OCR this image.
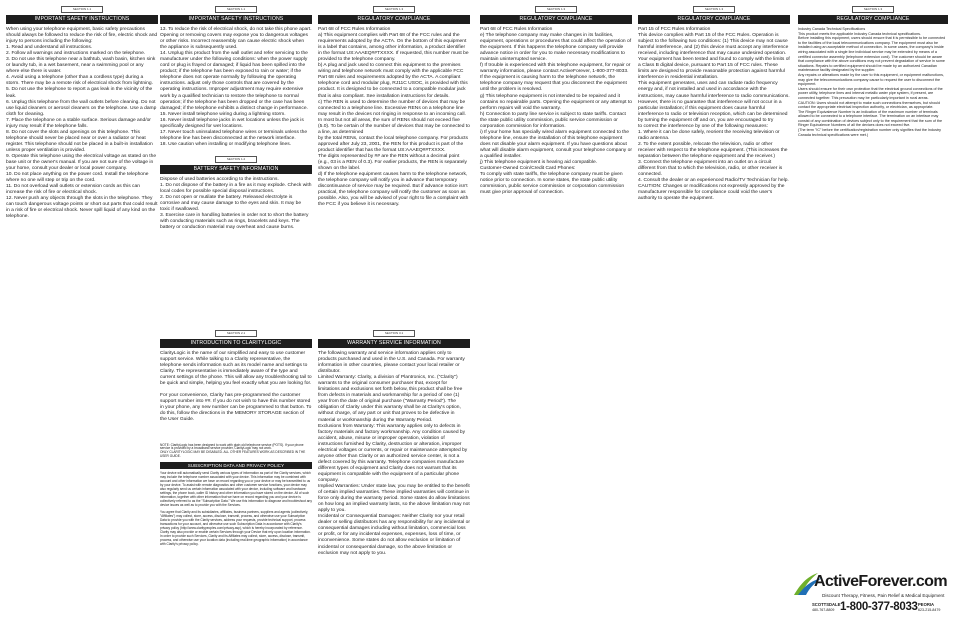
SECTION 1.1
IMPORTANT SAFETY INSTRUCTIONS

When using your telephone equipment, basic safety precautions should always be followed to reduce the risk of fire, electric shock and injury to persons including the following:

1. Read and understand all instructions.

2. Follow all warnings and instructions marked on the telephone.

3. Do not use this telephone near a bathtub, wash basin, kitchen sink or laundry tub, in a wet basement, near a swimming pool or any where else there is water.

4. Avoid using a telephone (other than a cordless type) during a storm. There may be a remote risk of electrical shock from lightning.

5. Do not use the telephone to report a gas leak in the vicinity of the leak.

6. Unplug this telephone from the wall outlets before cleaning. Do not use liquid cleaners or aerosol cleaners on the telephone. Use a damp cloth for cleaning.

7. Place the telephone on a stable surface. Serious damage and/or injury may result if the telephone falls.

8. Do not cover the slots and openings on this telephone. This telephone should never be placed near or over a radiator or heat register. This telephone should not be placed in a built-in installation unless proper ventilation is provided.

9. Operate this telephone using the electrical voltage as stated on the base unit or the owner's manual. If you are not sure of the voltage in your home, consult your dealer or local power company.

10. Do not place anything on the power cord. Install the telephone where no one will step or trip on the cord.

11. Do not overload wall outlets or extension cords as this can increase the risk of fire or electrical shock.

12. Never push any objects through the slots in the telephone. They can touch dangerous voltage points or short out parts that could result in a risk of fire or electrical shock. Never spill liquid of any kind on the telephone.

SECTION 1.1
IMPORTANT SAFETY INSTRUCTIONS

13. To reduce the risk of electrical shock, do not take this phone apart. Opening or removing covers may expose you to dangerous voltages or other risks. Incorrect reassembly can cause electric shock when the appliance is subsequently used.

14. Unplug this product from the wall outlet and refer servicing to the manufacturer under the following conditions: when the power supply cord or plug is frayed or damaged; if liquid has been spilled into the product; if the telephone has been exposed to rain or water; if the telephone does not operate normally by following the operating instructions. adjust only those controls that are covered by the operating instructions. Improper adjustment may require extensive work by a qualified technician to restore the telephone to normal operation; if the telephone has been dropped or the case has been damaged; if the telephone exhibits a distinct change in performance.

15. Never install telephone wiring during a lightning storm.

16. Never install telephone jacks in wet locations unless the jack is specifically designed for wet locations.

17. Never touch uninsulated telephone wires or terminals unless the telephone line has been disconnected at the network interface.

18. Use caution when installing or modifying telephone lines.

SECTION 1.2
BATTERY SAFETY INFORMATION

Dispose of used batteries according to the instructions.

1. Do not dispose of the battery in a fire as it may explode. Check with local codes for possible special disposal instructions.

2. Do not open or mutilate the battery. Released electrolyte is corrosive and may cause damage to the eyes and skin. It may be toxic if swallowed.

3. Exercise care in handling batteries in order not to short the battery with conducting materials such as rings, bracelets and keys. The battery or conduction material may overheat and cause burns.

SECTION 1.3
REGULATORY COMPLIANCE

Part 68 of FCC Rules Information

a) This equipment complies with Part 68 of the FCC rules and the requirements adopted by the ACTA. On the bottom of this equipment is a label that contains, among other information, a product identifier in the format US:AAAEQ##TXXXX. If requested, this number must be provided to the telephone company.

b) A plug and jack used to connect this equipment to the premises wiring and telephone network must comply with the applicable FCC Part 68 rules and requirements adopted by the ACTA. A compliant telephone cord and modular plug, RJ11C USOC, is provided with this product. It is designed to be connected to a compatible modular jack that is also compliant. See installation instructions for details.

c) The REN is used to determine the number of devices that may be connected to a telephone line. Excessive RENs on a telephone line may result in the devices not ringing in response to an incoming call. In most but not all areas, the sum of RENs should not exceed five (5.0). To be certain of the number of devices that may be connected to a line, as determined

by the total RENs, contact the local telephone company. For products approved after July 23, 2001, the REN for this product is part of the product identifier that has the format US:AAAEQ##TXXXX.

The digits represented by ## are the REN without a decimal point (e.g., 03 is a REN of 0.3). For earlier products, the REN is separately shown on the label.

d) If the telephone equipment causes harm to the telephone network, the telephone company will notify you in advance that temporary discontinuance of service may be required. But if advance notice isn't practical, the telephone company will notify the customer as soon as possible. Also, you will be advised of your right to file a complaint with the FCC if you believe it is necessary.

SECTION 1.3
REGULATORY COMPLIANCE

Part 68 of FCC Rules Information

e) The telephone company may make changes in its facilities, equipment, operations or procedures that could affect the operation of the equipment. If this happens the telephone company will provide advance notice in order for you to make necessary modifications to maintain uninterrupted service.

f) If trouble is experienced with this telephone equipment, for repair or warranty information, please contact ActiveForever, 1-800-377-8033. If the equipment is causing harm to the telephone network, the telephone company may request that you disconnect the equipment until the problem is resolved.

g) This telephone equipment is not intended to be repaired and it contains no repairable parts. Opening the equipment or any attempt to perform repairs will void the warranty.

h) Connection to party line service is subject to state tariffs. Contact the state public utility commission, public service commission or corporation commission for information.

i) If your home has specially wired alarm equipment connected to the telephone line, ensure the installation of this telephone equipment does not disable your alarm equipment. If you have questions about what will disable alarm equipment, consult your telephone company or a qualified installer.

j) This telephone equipment is hearing aid compatible.

Customer-Owned Coin/Credit Card Phones:

To comply with state tariffs, the telephone company must be given notice prior to connection. In some states, the state public utility commission, public service commission or corporation commission must give prior approval of connection.

SECTION 1.3
REGULATORY COMPLIANCE

Part 15 of FCC Rules Information

This device complies with Part 15 of the FCC Rules. Operation is subject to the following two conditions: (1) This device may not cause harmful interference, and (2) this device must accept any interference received, including interference that may cause undesired operation.

Your equipment has been tested and found to comply with the limits of a Class B digital device, pursuant to Part 15 of FCC rules. These limits are designed to provide reasonable protection against harmful interference in residential installation.

This equipment generates, uses and can radiate radio frequency energy and, if not installed and used in accordance with the instructions, may cause harmful interference to radio communications. However, there is no guarantee that interference will not occur in a particular installation; if this equipment does cause harmful interference to radio or television reception, which can be determined by turning the equipment off and on, you are encouraged to try

to correct the interference by one of the following measures:

1. Where it can be done safely, reorient the receiving television or radio antenna.

2. To the extent possible, relocate the television, radio or other receiver with respect to the telephone equipment. (This increases the separation between the telephone equipment and the receiver.)

3. Connect the telephone equipment into an outlet on a circuit different from that to which the television, radio, or other receiver is connected.

4. Consult the dealer or an experienced Radio/TV Technician for help.

CAUTION: Changes or modifications not expressly approved by the manufacturer responsible for compliance could void the user's authority to operate the equipment.

SECTION 1.3
REGULATORY COMPLIANCE

Industry Canada Technical Specifications

This product meets the applicable Industry Canada technical specifications.

Before installing this equipment, users should ensure that it is permissible to be connected to the facilities of the local telecommunications company. The equipment must also be installed using an acceptable method of connection. In some cases, the company's inside wiring associated with a single line individual service may be extended by means of a certified connector assembly (telephone extension cord). The customer should be aware that compliance with the above conditions may not prevent degradation of service in some situations. Repairs to certified equipment should be made by an authorized Canadian maintenance facility designated by the supplier.

Any repairs or alterations made by the user to this equipment, or equipment malfunctions, may give the telecommunications company cause to request the user to disconnect the equipment.

Users should ensure for their own protection that the electrical ground connections of the power utility, telephone lines and internal metallic water pipe system, if present, are connected together. This precaution may be particularly important in rural areas.

CAUTION: Users should not attempt to make such connections themselves, but should contact the appropriate electrical inspection authority, or electrician, as appropriate.

The Ringer Equivalence Number is an indication of the maximum number of terminals allowed to be connected to a telephone interface. The termination on an interface may consist of any combination of devices subject only to the requirement that the sum of the Ringer Equivalence Numbers of all the devices does not exceed five.

(The term "IC" before the certification/registration number only signifies that the Industry Canada technical specifications were met.)

SECTION 2.1
INTRODUCTION TO CLARITYLOGIC

ClarityLogic is the name of our simplified and easy to use customer support service. While talking to a Clarity representative, the telephone sends information such as its model name and settings to Clarity. The representative is immediately aware of the type and current settings of the phone. This will allow any troubleshooting tail to be quick and simple, helping you feel exactly what you are looking for.

For your convenience, Clarity has pre-programmed the customer support number into ##. If you do not wish to have this number stored in your phone, any new number can be programmed to that button. To do this, follow the directions in the MEMORY STORAGE section of the User Guide.

NOTE: ClarityLogic has been designed to work with plain old telephone service (POTS). If your phone service is provided by a broadband service provider, ClarityLogic may not work.

ONLY CLARITYLOGIC MAY BE DISABLED. ALL OTHER FEATURES WORK AS DESCRIBED IN THE USER GUIDE.

SUBSCRIPTION DATA AND PRIVACY POLICY

Your device will automatically send Clarity various types of information as part of the Clarity services, which may include the telephone number associated with your device. This information may be combined with account and other information we have on record regarding you or your device or may be transmitted to us by your device. To assist with remote diagnostics and other customer service functions, your device may also regularly send us certain information associated with your device, including software and hardware settings, the phone book, caller ID history and other information you have stored on the device. All of such information, together with other information that we have on record regarding you and your device is collectively referred to as the "Subscription Data." We use this information to diagnose and troubleshoot any device issues as well as to provide you with the Services.

You agree that Clarity and its subsidiaries, affiliates, business partners, suppliers and agents (collectively, "Affiliates") may collect, store, access, disclose, transmit, process, and otherwise use your Subscription Data to provide you with the Clarity services, address your requests, provide technical support, process transactions for your account, and otherwise use such Subscription Data in accordance with Clarity's privacy policy (http://www.claritypeoples.com/privacy.asp), which is hereby incorporated by reference. Clarity may also provide or enable certain Services through your Device that rely upon location information. In order to provide such Services, Clarity and its Affiliates may collect, store, access, disclose, transmit, process, and otherwise use your location data (including real-time geographic information) in accordance with Clarity's privacy policy.

SECTION 3.1
WARRANTY SERVICE INFORMATION

The following warranty and service information applies only to products purchased and used in the U.S. and Canada. For warranty information in other countries, please contact your local retailer or distributor.

Limited Warranty: Clarity, a division of Plantronics, Inc. ("Clarity") warrants to the original consumer purchaser that, except for limitations and exclusions set forth below, this product shall be free from defects in materials and workmanship for a period of one (1) year from the date of original purchase ("Warranty Period"). The obligation of Clarity under this warranty shall be at Clarity's option, without charge, of any part or unit that proves to be defective in material or workmanship during the Warranty Period.

Exclusions from Warranty: This warranty applies only to defects in factory materials and factory workmanship. Any condition caused by accident, abuse, misuse or improper operation, violation of instructions furnished by Clarity, destruction or alteration, improper electrical voltages or currents, or repair or maintenance attempted by anyone other than Clarity or an authorized service center, is not a defect covered by this warranty. Telephone companies manufacture different types of equipment and Clarity does not warrant that its equipment is compatible with the equipment of a particular phone company.

Implied Warranties: Under state law, you may be entitled to the benefit of certain implied warranties. These implied warranties will continue in force only during the warranty period. Some states do allow limitations on how long an implied warranty lasts, so the above limitation may not apply to you.

Incidental or Consequential Damages: Neither Clarity nor your retail dealer or selling distributors has any responsibility for any incidental or consequential damages including without limitation, commercial loss or profit, or for any incidental expenses, expenses, loss of time, or inconvenience. Some states do not allow exclusion or limitation of incidental or consequential damage, so the above limitation or exclusion may not apply to you.

ActiveForever.com
Discount Therapy, Fitness, Pain Relief & Medical Equipment
SCOTTSDALE
480-767-8809 1-800-377-8033 PEORIA
623-215-8479
